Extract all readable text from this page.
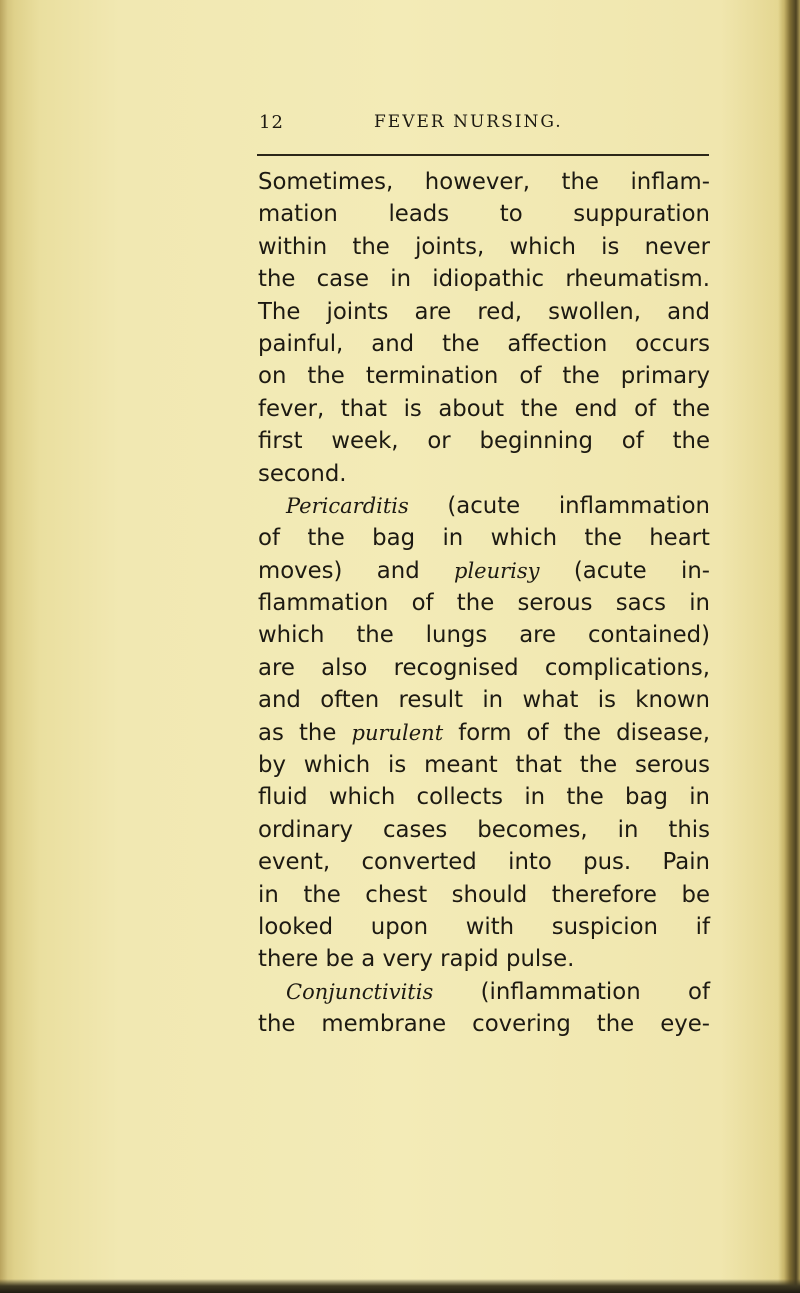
12	FEVER NURSING.
Sometimes, however, the inflam-
mation leads to suppuration
within the joints, which is never
the case in idiopathic rheumatism.
The joints are red, swollen, and
painful, and the affection occurs
on the termination of the primary
fever, that is about the end of the
first week, or beginning of the
second.
Pericarditis (acute inflammation
of the bag in which the heart
moves) and pleurisy (acute in-
flammation of the serous sacs in
which the lungs are contained)
are also recognised complications,
and often result in what is known
as the purulent form of the disease,
by which is meant that the serous
fluid which collects in the bag in
ordinary cases becomes, in this
event, converted into pus. Pain
in the chest should therefore be
looked upon with suspicion if
there be a very rapid pulse.
Conjunctivitis (inflammation of
the membrane covering the eye-
